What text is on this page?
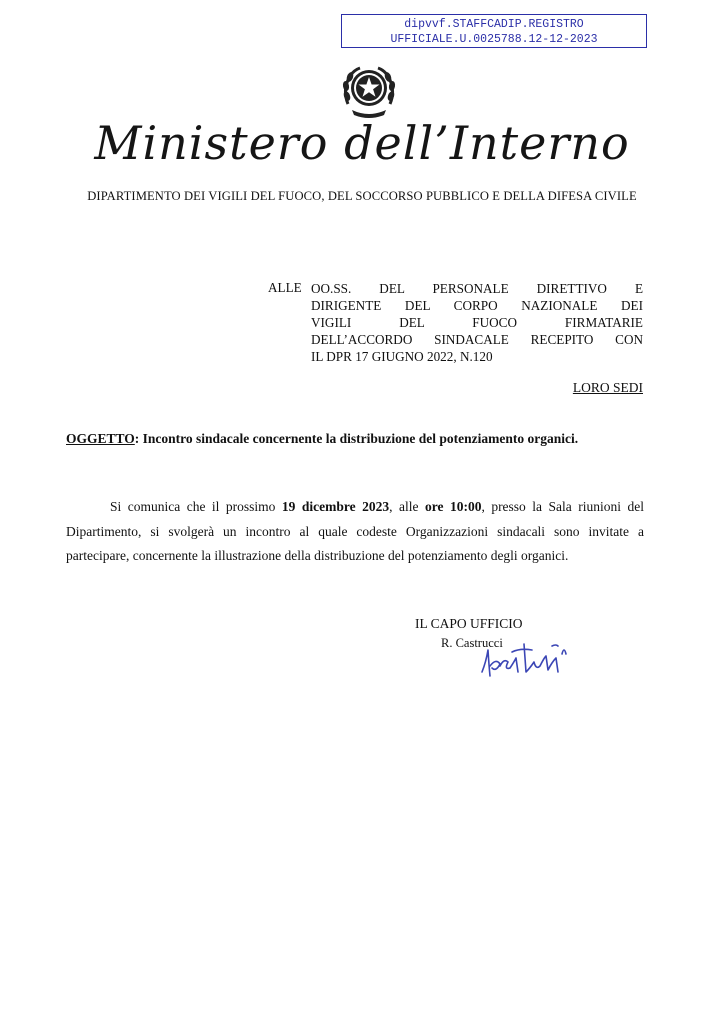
dipvvf.STAFFCADIP.REGISTRO
UFFICIALE.U.0025788.12-12-2023
Ministero dell’Interno
DIPARTIMENTO DEI VIGILI DEL FUOCO, DEL SOCCORSO PUBBLICO E DELLA DIFESA CIVILE
ALLE OO.SS. DEL PERSONALE DIRETTIVO E
DIRIGENTE DEL CORPO NAZIONALE DEI
VIGILI DEL FUOCO FIRMATARIE
DELL’ACCORDO SINDACALE RECEPITO CON
IL DPR 17 GIUGNO 2022, N.120
LORO SEDI
OGGETTO: Incontro sindacale concernente la distribuzione del potenziamento organici.
Si comunica che il prossimo 19 dicembre 2023, alle ore 10:00, presso la Sala riunioni del
Dipartimento, si svolgerà un incontro al quale codeste Organizzazioni sindacali sono invitate a
partecipare, concernente la illustrazione della distribuzione del potenziamento degli organici.
IL CAPO UFFICIO
R. Castrucci
